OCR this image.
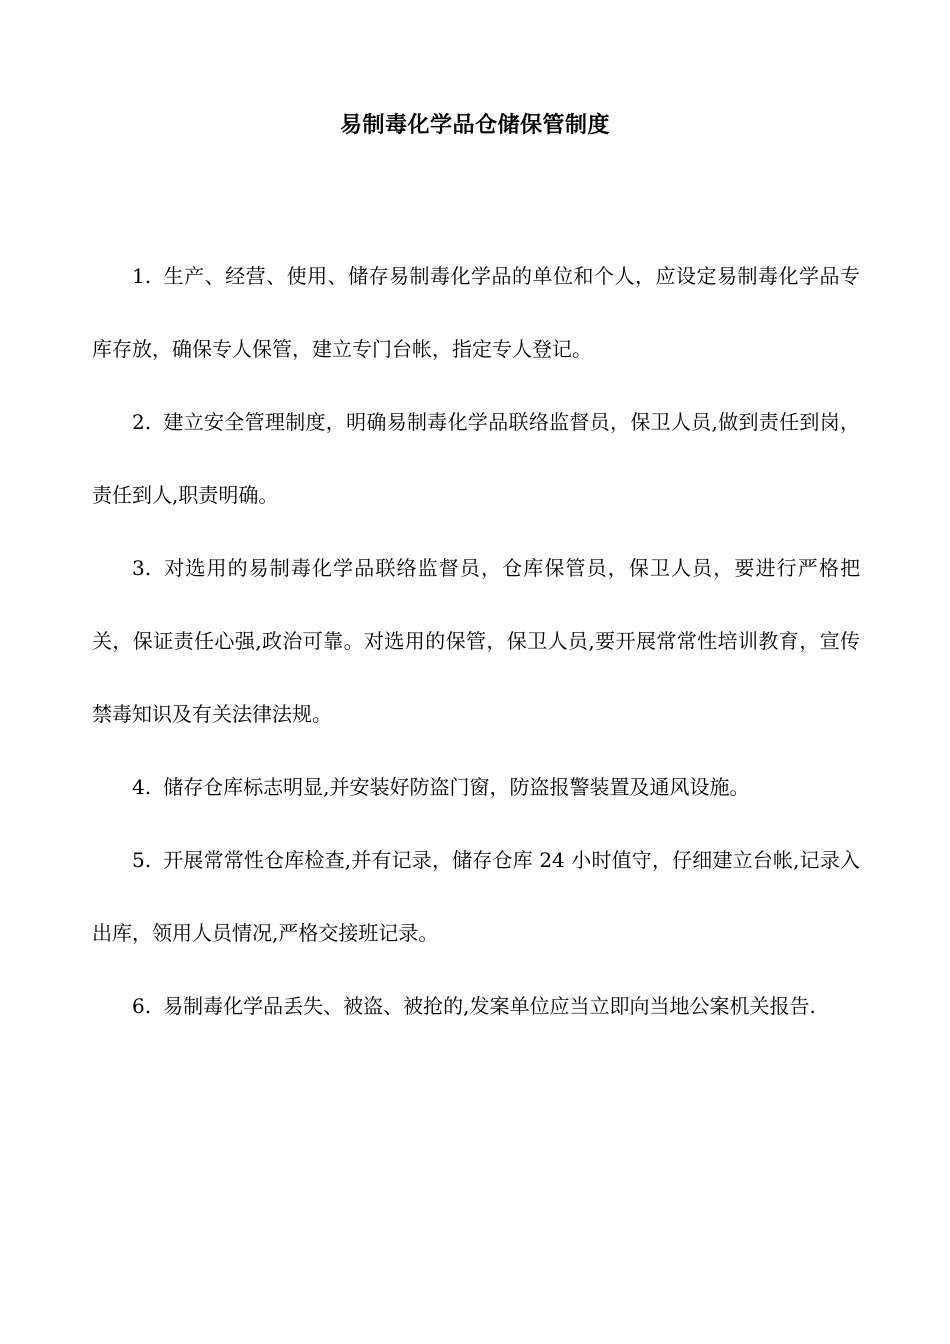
易制毒化学品仓储保管制度

1. 生产、经营、使用、储存易制毒化学品的单位和个人，应设定易制毒化学品专库存放，确保专人保管，建立专门台帐，指定专人登记。

2. 建立安全管理制度，明确易制毒化学品联络监督员，保卫人员,做到责任到岗，责任到人,职责明确。

3. 对选用的易制毒化学品联络监督员，仓库保管员，保卫人员，要进行严格把关，保证责任心强,政治可靠。对选用的保管，保卫人员,要开展常常性培训教育，宣传禁毒知识及有关法律法规。

4. 储存仓库标志明显,并安装好防盗门窗，防盗报警装置及通风设施。

5. 开展常常性仓库检查,并有记录，储存仓库 24 小时值守，仔细建立台帐,记录入出库，领用人员情况,严格交接班记录。

6. 易制毒化学品丢失、被盗、被抢的,发案单位应当立即向当地公案机关报告.
